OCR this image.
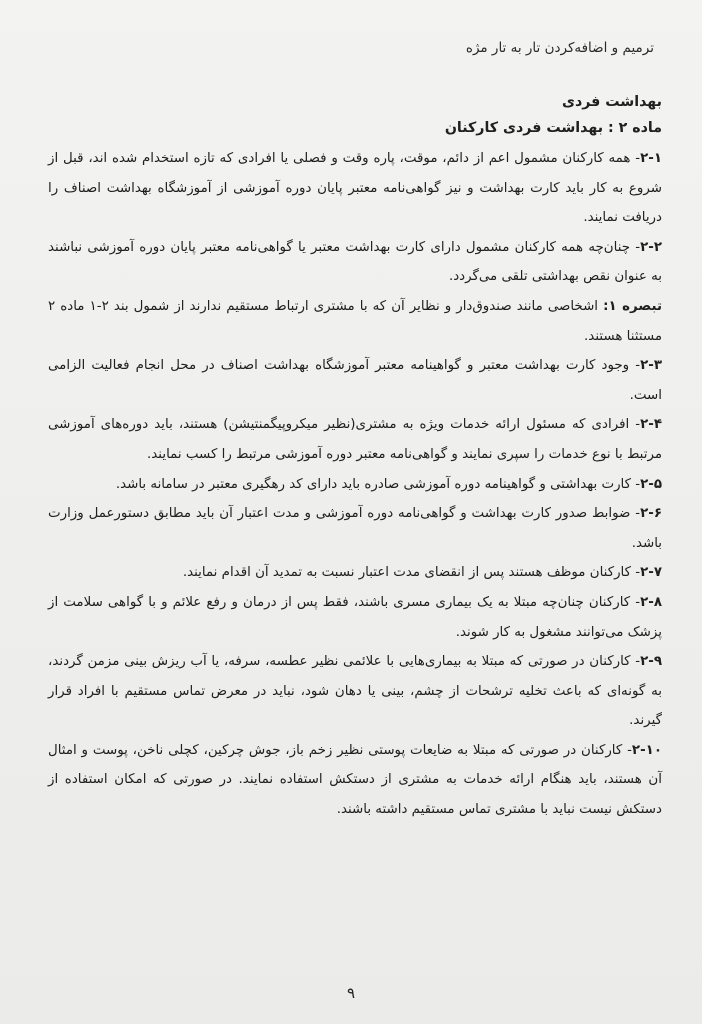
ترمیم و اضافه‌کردن تار به تار مژه

بهداشت فردی

ماده ۲ : بهداشت فردی کارکنان

۲-۱- همه کارکنان مشمول اعم از دائم، موقت، پاره وقت و فصلی یا افرادی که تازه استخدام شده اند، قبل از شروع به کار باید کارت بهداشت و نیز گواهی‌نامه معتبر پایان دوره آموزشی از آموزشگاه بهداشت اصناف را دریافت نمایند.

۲-۲- چنان‌چه همه کارکنان مشمول دارای کارت بهداشت معتبر یا گواهی‌نامه معتبر پایان دوره آموزشی نباشند به عنوان نقص بهداشتی تلقی می‌گردد.

تبصره ۱: اشخاصی مانند صندوق‌دار و نظایر آن که با مشتری ارتباط مستقیم ندارند از شمول بند ۲-۱ ماده ۲ مستثنا هستند.

۲-۳- وجود کارت بهداشت معتبر و گواهینامه معتبر آموزشگاه بهداشت اصناف در محل انجام فعالیت الزامی است.

۲-۴- افرادی که مسئول ارائه خدمات ویژه به مشتری(نظیر میکروپیگمنتیشن) هستند، باید دوره‌های آموزشی مرتبط با نوع خدمات را سپری نمایند و گواهی‌نامه معتبر دوره آموزشی مرتبط را کسب نمایند.

۲-۵- کارت بهداشتی و گواهینامه دوره آموزشی صادره باید دارای کد رهگیری معتبر در سامانه باشد.

۲-۶- ضوابط صدور کارت بهداشت و گواهی‌نامه دوره آموزشی و مدت اعتبار آن باید مطابق دستورعمل وزارت باشد.

۲-۷- کارکنان موظف هستند پس از انقضای مدت اعتبار نسبت به تمدید آن اقدام نمایند.

۲-۸- کارکنان چنان‌چه مبتلا به یک بیماری مسری باشند، فقط پس از درمان و رفع علائم و با گواهی سلامت از پزشک می‌توانند مشغول به کار شوند.

۲-۹- کارکنان در صورتی که مبتلا به بیماری‌هایی با علائمی نظیر عطسه، سرفه، یا آب ریزش بینی مزمن گردند، به گونه‌ای که باعث تخلیه ترشحات از چشم، بینی یا دهان شود، نباید در معرض تماس مستقیم با افراد قرار گیرند.

۲-۱۰- کارکنان در صورتی که مبتلا به ضایعات پوستی نظیر زخم باز، جوش چرکین، کچلی ناخن، پوست و امثال آن هستند، باید هنگام ارائه خدمات به مشتری از دستکش استفاده نمایند. در صورتی که امکان استفاده از دستکش نیست نباید با مشتری تماس مستقیم داشته باشند.

۹
